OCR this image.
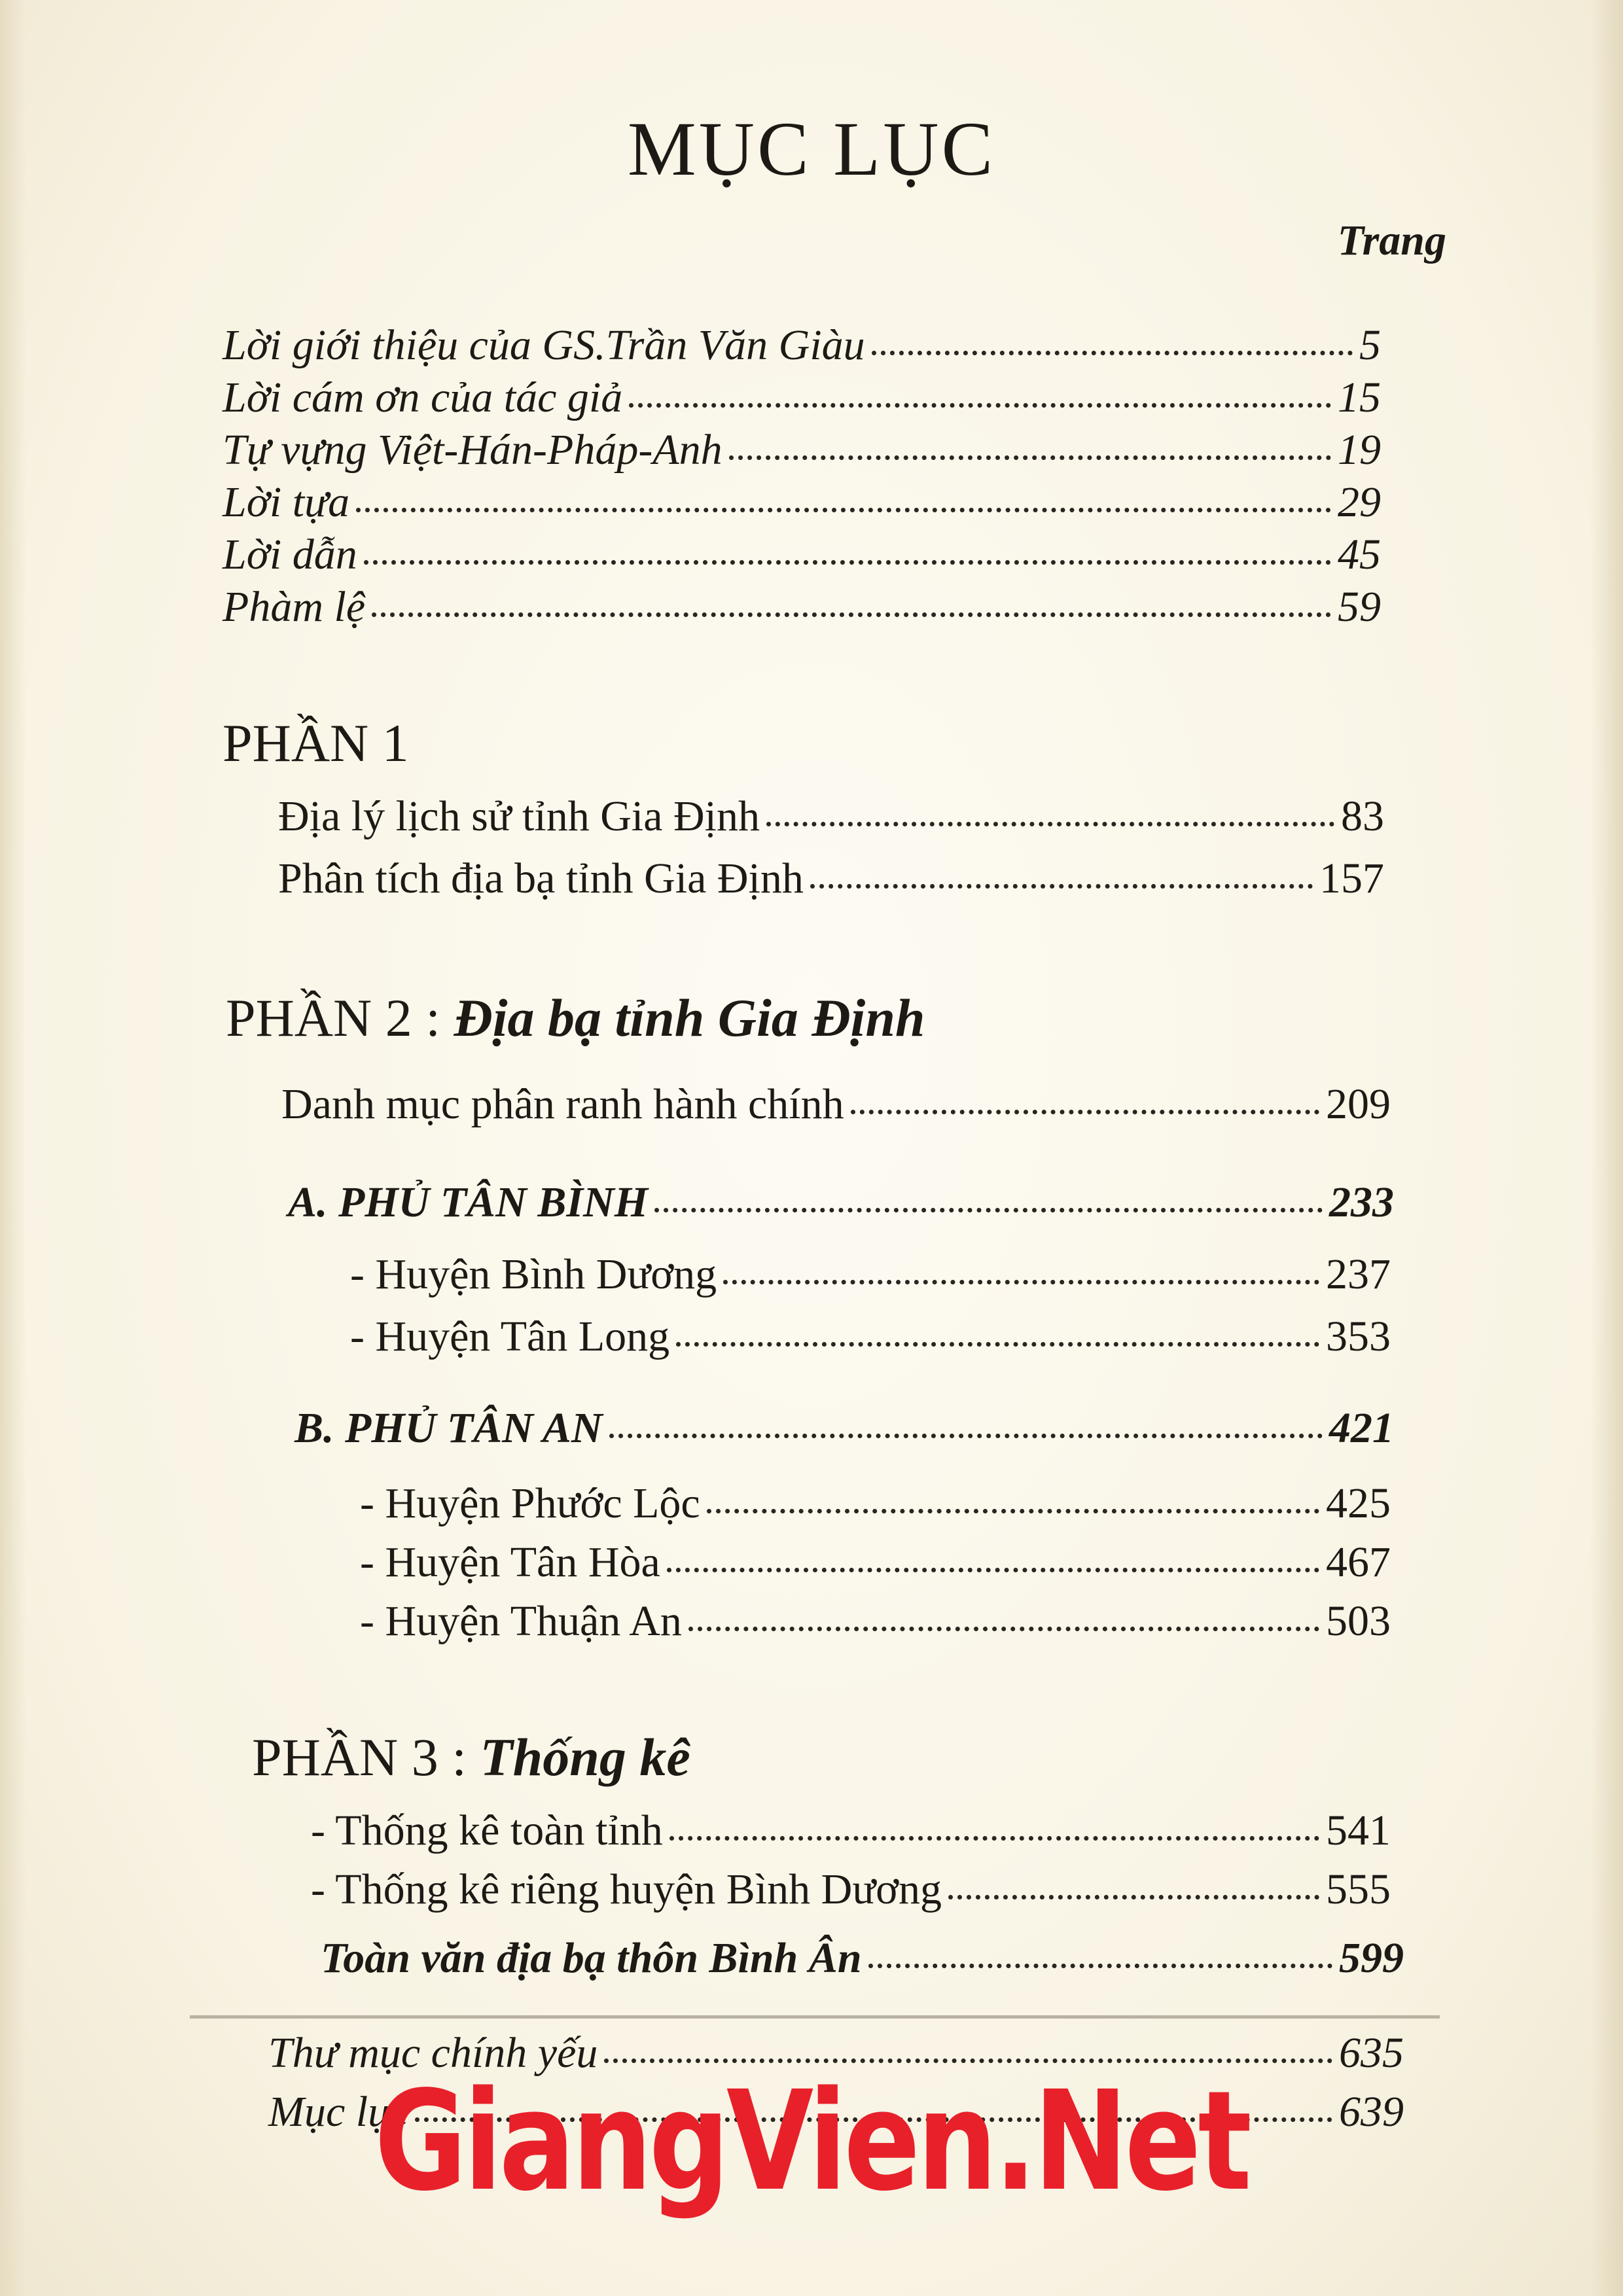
MỤC LỤC
Trang
Lời giới thiệu của GS.Trần Văn Giàu	5
Lời cám ơn của tác giả	15
Tự vựng Việt-Hán-Pháp-Anh	19
Lời tựa	29
Lời dẫn	45
Phàm lệ	59
PHẦN 1
Địa lý lịch sử tỉnh Gia Định	83
Phân tích địa bạ tỉnh Gia Định	157
PHẦN 2 : Địa bạ tỉnh Gia Định
Danh mục phân ranh hành chính	209
A. PHỦ TÂN BÌNH	233
- Huyện Bình Dương	237
- Huyện Tân Long	353
B. PHỦ TÂN AN	421
- Huyện Phước Lộc	425
- Huyện Tân Hòa	467
- Huyện Thuận An	503
PHẦN 3 : Thống kê
- Thống kê toàn tỉnh	541
- Thống kê riêng huyện Bình Dương	555
Toàn văn địa bạ thôn Bình Ân	599
Thư mục chính yếu	635
Mục lục	639
GiangVien.Net
